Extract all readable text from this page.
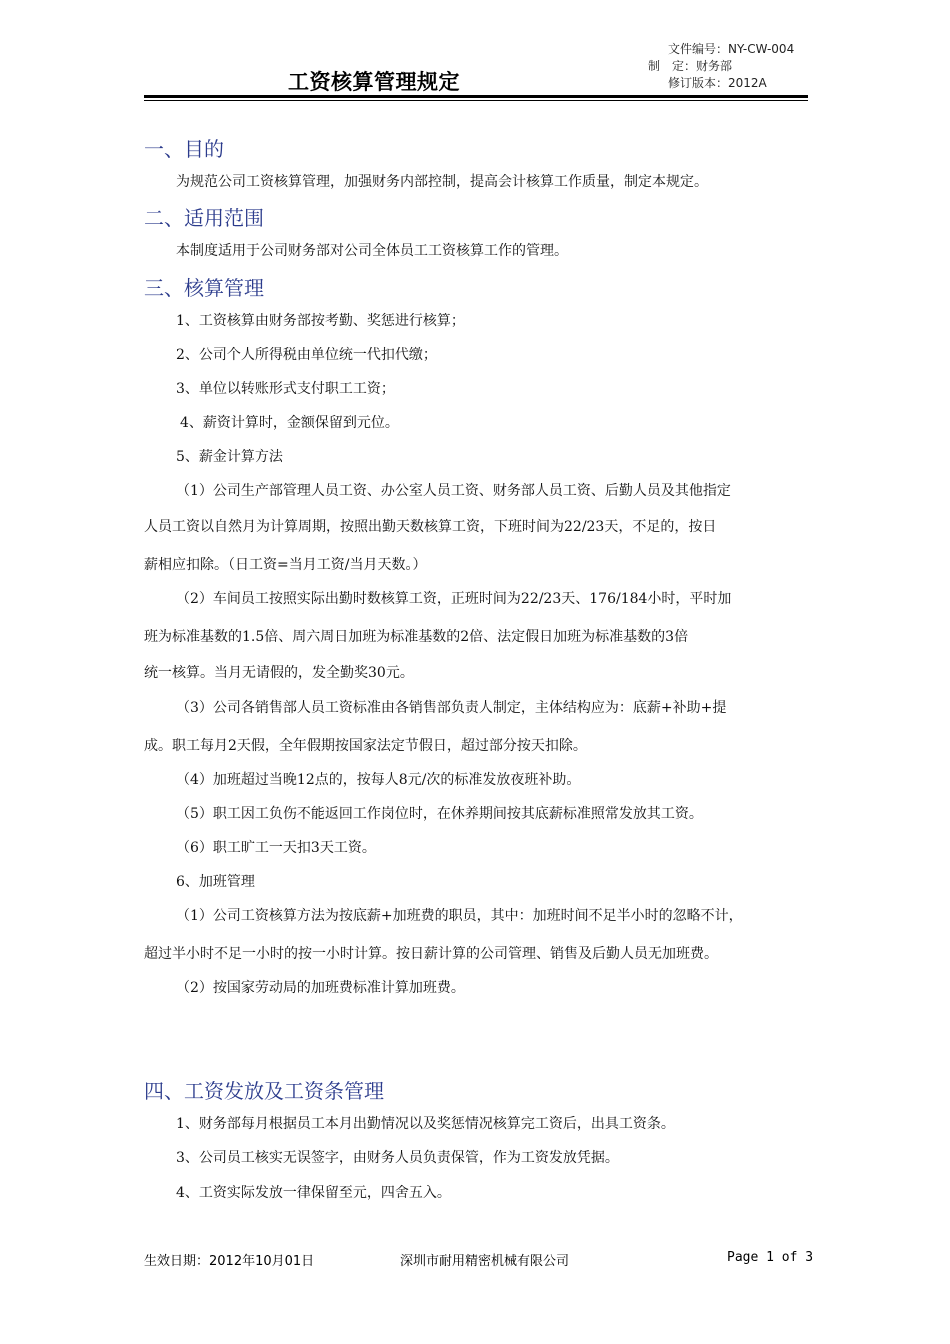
文件编号：NY-CW-004
制　定：财务部
修订版本：2012A
工资核算管理规定
一、目的
为规范公司工资核算管理，加强财务内部控制，提高会计核算工作质量，制定本规定。
二、适用范围
本制度适用于公司财务部对公司全体员工工资核算工作的管理。
三、核算管理
1、工资核算由财务部按考勤、奖惩进行核算；
2、公司个人所得税由单位统一代扣代缴；
3、单位以转账形式支付职工工资；
4、薪资计算时，金额保留到元位。
5、薪金计算方法
（1）公司生产部管理人员工资、办公室人员工资、财务部人员工资、后勤人员及其他指定
人员工资以自然月为计算周期，按照出勤天数核算工资，下班时间为22/23天，不足的，按日
薪相应扣除。（日工资=当月工资/当月天数。）
（2）车间员工按照实际出勤时数核算工资，正班时间为22/23天、176/184小时，平时加
班为标准基数的1.5倍、周六周日加班为标准基数的2倍、法定假日加班为标准基数的3倍
统一核算。当月无请假的，发全勤奖30元。
（3）公司各销售部人员工资标准由各销售部负责人制定，主体结构应为：底薪+补助+提
成。职工每月2天假，全年假期按国家法定节假日，超过部分按天扣除。
（4）加班超过当晚12点的，按每人8元/次的标准发放夜班补助。
（5）职工因工负伤不能返回工作岗位时，在休养期间按其底薪标准照常发放其工资。
（6）职工旷工一天扣3天工资。
6、加班管理
（1）公司工资核算方法为按底薪+加班费的职员，其中：加班时间不足半小时的忽略不计，
超过半小时不足一小时的按一小时计算。按日薪计算的公司管理、销售及后勤人员无加班费。
（2）按国家劳动局的加班费标准计算加班费。
四、工资发放及工资条管理
1、财务部每月根据员工本月出勤情况以及奖惩情况核算完工资后，出具工资条。
3、公司员工核实无误签字，由财务人员负责保管，作为工资发放凭据。
4、工资实际发放一律保留至元，四舍五入。
生效日期：2012年10月01日	深圳市耐用精密机械有限公司	Page 1 of 3
